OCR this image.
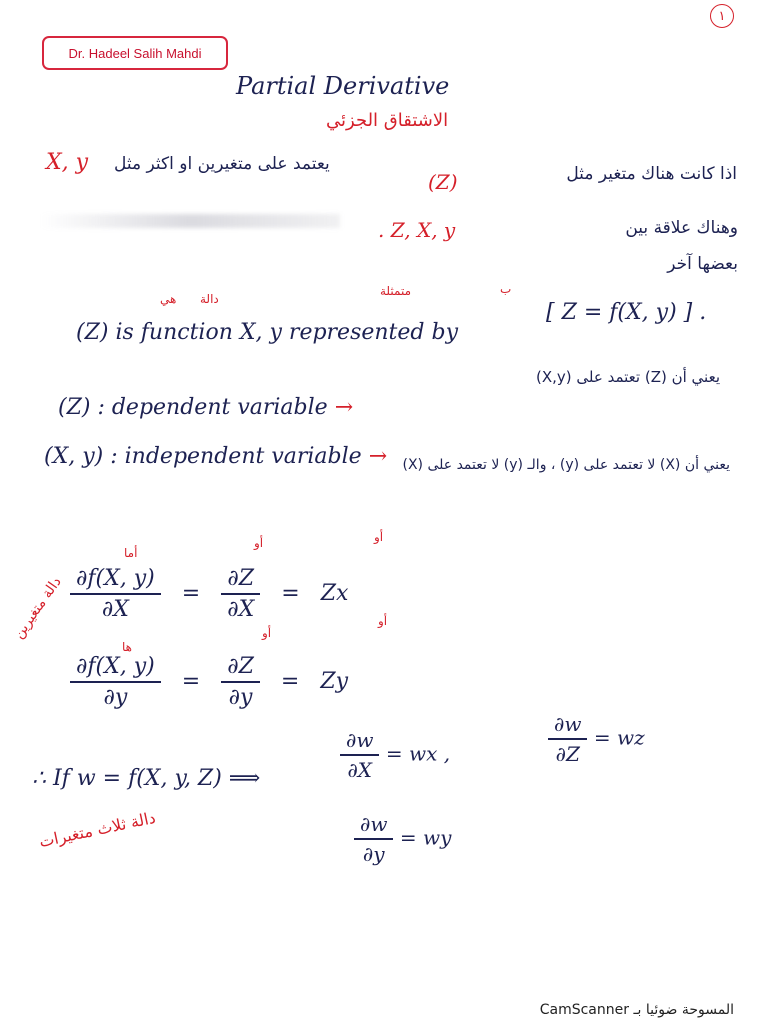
Dr. Hadeel Salih Mahdi
١
Partial Derivative
الاشتقاق الجزئي
X, y يعتمد على متغيرين او اكثر مثل
(Z)	اذا كانت هناك متغير مثل
. Z, X, y	وهناك علاقة بين
بعضها آخر
هي دالة
متمثلة	ب
(Z) is function X, y represented by
[ Z = f(X, y) ] .
يعني أن (Z) تعتمد على (X,y)
(Z) : dependent variable →
(X, y) : independent variable →	يعني أن (X) لا تعتمد على (y) ، والـ (y) لا تعتمد على (X)
دالة متغيرين
أما
أو	أو
$\frac{\partial f(X, y)}{\partial X} = \frac{\partial Z}{\partial X} = Zx$
ها
أو
أو
$\frac{\partial f(X, y)}{\partial y} = \frac{\partial Z}{\partial y} = Zy$
∴ If w = f(X, y, Z) ⟹	$\frac{\partial w}{\partial X}$ = wx ,	$\frac{\partial w}{\partial Z}$ = wz
$\frac{\partial w}{\partial y}$ = wy
دالة ثلاث متغيرات
CamScanner المسوحة ضوئيا بـ
